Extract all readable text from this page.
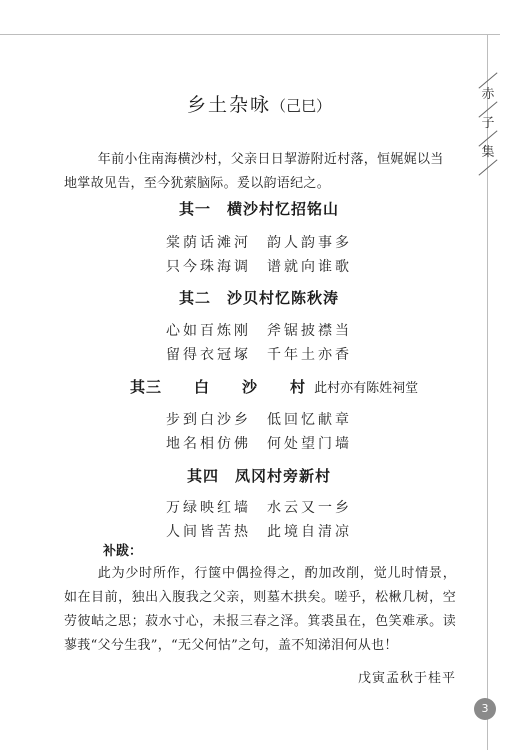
赤
子
集
乡土杂咏（己巳）
年前小住南海横沙村，父亲日日挈游附近村落，恒娓娓以当地掌故见告，至今犹萦脑际。爰以韵语纪之。
其一 横沙村忆招铭山
棠荫话滩河 韵人韵事多
只今珠海调 谱就向谁歌
其二 沙贝村忆陈秋涛
心如百炼刚 斧锯披襟当
留得衣冠塚 千年土亦香
其三 白 沙 村 此村亦有陈姓祠堂
步到白沙乡 低回忆献章
地名相仿佛 何处望门墙
其四 凤冈村旁新村
万绿映红墙 水云又一乡
人间皆苦热 此境自清凉
补跋：
此为少时所作，行箧中偶捡得之，酌加改削，觉儿时情景，如在目前，独出入腹我之父亲，则墓木拱矣。嗟乎，松楸几树，空劳彼岵之思；菽水寸心，未报三春之泽。箕裘虽在，色笑难承。读蓼莪“父兮生我”，“无父何怙”之句，盖不知涕泪何从也！
戊寅孟秋于桂平
3
